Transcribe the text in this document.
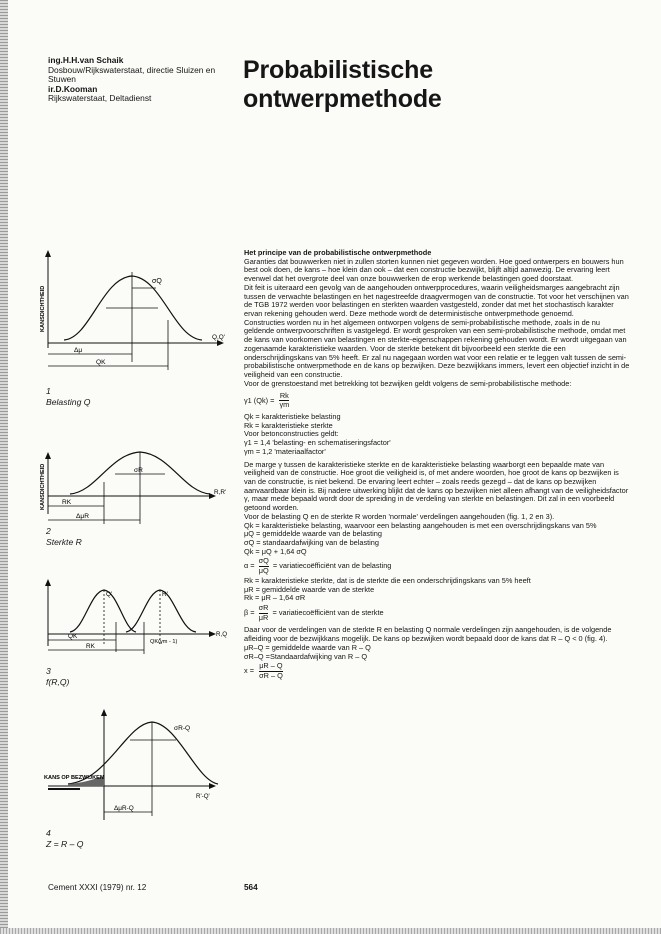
ing.H.H.van Schaik
Dosbouw/Rijkswaterstaat, directie Sluizen en Stuwen
ir.D.Kooman
Rijkswaterstaat, Deltadienst
Probabilistische
ontwerpmethode
KANSDICHTHEID
σQ
Δμ
QK
Q,Q'
1
Belasting Q
KANSDICHTHEID	σR
RK
ΔμR
R,R'
2
Sterkte R
Q'	R'
QK
RK
QK(γm - 1)
R,Q
3
f(R,Q)
σR-Q
KANS OP BEZWIJKEN
ΔμR-Q
R'-Q'
4
Z = R – Q

Het principe van de probabilistische ontwerpmethode

Garanties dat bouwwerken niet in zullen storten kunnen niet gegeven worden. Hoe goed ontwerpers en bouwers hun best ook doen, de kans – hoe klein dan ook – dat een constructie bezwijkt, blijft altijd aanwezig. De ervaring leert evenwel dat het overgrote deel van onze bouwwerken de erop werkende belastingen goed doorstaat.

Dit feit is uiteraard een gevolg van de aangehouden ontwerpprocedures, waarin veiligheidsmarges aangebracht zijn tussen de verwachte belastingen en het nagestreefde draagvermogen van de constructie. Tot voor het verschijnen van de TGB 1972 werden voor belastingen en sterkten waarden vastgesteld, zonder dat met het stochastisch karakter ervan rekening gehouden werd. Deze methode wordt de deterministische ontwerpmethode genoemd.

Constructies worden nu in het algemeen ontworpen volgens de semi-probabilistische methode, zoals in de nu geldende ontwerpvoorschriften is vastgelegd. Er wordt gesproken van een semi-probabilistische methode, omdat met de kans van voorkomen van belastingen en sterkte-eigenschappen rekening gehouden wordt. Er wordt uitgegaan van zogenaamde karakteristieke waarden. Voor de sterkte betekent dit bijvoorbeeld een sterkte die een onderschrijdingskans van 5% heeft. Er zal nu nagegaan worden wat voor een relatie er te leggen valt tussen de semi-probabilistische ontwerpmethode en de kans op bezwijken. Deze bezwijkkans immers, levert een objectief inzicht in de veiligheid van een constructie.

Voor de grenstoestand met betrekking tot bezwijken geldt volgens de semi-probabilistische methode:

γ1 $(Qk) = \frac{Rk}{\gamma m}$

Qk = karakteristieke belasting

Rk = karakteristieke sterkte

Voor betonconstructies geldt:

γ1 = 1,4 'belasting- en schematiseringsfactor'

γm = 1,2 'materiaalfactor'

De marge γ tussen de karakteristieke sterkte en de karakteristieke belasting waarborgt een bepaalde mate van veiligheid van de constructie. Hoe groot die veiligheid is, of met andere woorden, hoe groot de kans op bezwijken is van de constructie, is niet bekend. De ervaring leert echter – zoals reeds gezegd – dat de kans op bezwijken aanvaardbaar klein is. Bij nadere uitwerking blijkt dat de kans op bezwijken niet alleen afhangt van de veiligheidsfactor γ, maar mede bepaald wordt door de spreiding in de verdeling van sterkte en belastingen. Dit zal in een voorbeeld getoond worden.

Voor de belasting Q en de sterkte R worden 'normale' verdelingen aangehouden (fig. 1, 2 en 3).

Qk = karakteristieke belasting, waarvoor een belasting aangehouden is met een overschrijdingskans van 5%

μQ = gemiddelde waarde van de belasting

σQ = standaardafwijking van de belasting

Qk = μQ + 1,64 σQ

$\alpha = \frac{\sigma Q}{\mu Q}$ = variatiecoëfficiënt van de belasting

Rk = karakteristieke sterkte, dat is de sterkte die een onderschrijdingskans van 5% heeft

μR = gemiddelde waarde van de sterkte

Rk = μR – 1,64 σR

$\beta = \frac{\sigma R}{\mu R}$ = variatiecoëfficiënt van de sterkte

Daar voor de verdelingen van de sterkte R en belasting Q normale verdelingen zijn aangehouden, is de volgende afleiding voor de bezwijkkans mogelijk. De kans op bezwijken wordt bepaald door de kans dat R – Q < 0 (fig. 4).

μR–Q = gemiddelde waarde van R – Q

σR–Q =Standaardafwijking van R – Q

$x = \frac{\mu R - Q}{\sigma R - Q}$

Cement XXXI (1979) nr. 12	564
